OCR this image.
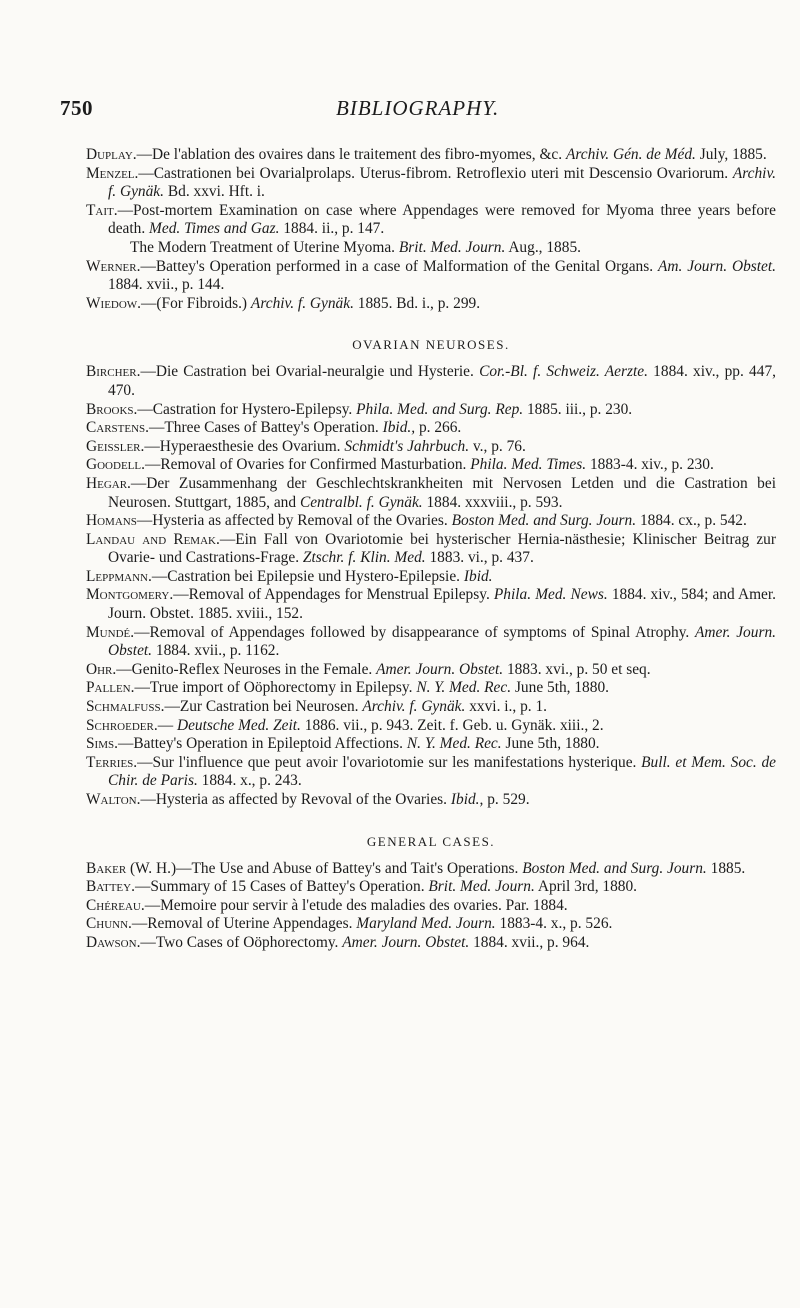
750	BIBLIOGRAPHY.
Duplay.—De l'ablation des ovaires dans le traitement des fibro-myomes, &c. Archiv. Gén. de Méd. July, 1885.
Menzel.—Castrationen bei Ovarialprolaps. Uterus-fibrom. Retroflexio uteri mit Descensio Ovariorum. Archiv. f. Gynäk. Bd. xxvi. Hft. i.
Tait.—Post-mortem Examination on case where Appendages were removed for Myoma three years before death. Med. Times and Gaz. 1884. ii., p. 147.
The Modern Treatment of Uterine Myoma. Brit. Med. Journ. Aug., 1885.
Werner.—Battey's Operation performed in a case of Malformation of the Genital Organs. Am. Journ. Obstet. 1884. xvii., p. 144.
Wiedow.—(For Fibroids.) Archiv. f. Gynäk. 1885. Bd. i., p. 299.
OVARIAN NEUROSES.
Bircher.—Die Castration bei Ovarial-neuralgie und Hysterie. Cor.-Bl. f. Schweiz. Aerzte. 1884. xiv., pp. 447, 470.
Brooks.—Castration for Hystero-Epilepsy. Phila. Med. and Surg. Rep. 1885. iii., p. 230.
Carstens.—Three Cases of Battey's Operation. Ibid., p. 266.
Geissler.—Hyperaesthesie des Ovarium. Schmidt's Jahrbuch. v., p. 76.
Goodell.—Removal of Ovaries for Confirmed Masturbation. Phila. Med. Times. 1883-4. xiv., p. 230.
Hegar.—Der Zusammenhang der Geschlechtskrankheiten mit Nervosen Letden und die Castration bei Neurosen. Stuttgart, 1885, and Centralbl. f. Gynäk. 1884. xxxviii., p. 593.
Homans—Hysteria as affected by Removal of the Ovaries. Boston Med. and Surg. Journ. 1884. cx., p. 542.
Landau and Remak.—Ein Fall von Ovariotomie bei hysterischer Hernia-nästhesie; Klinischer Beitrag zur Ovarie- und Castrations-Frage. Ztschr. f. Klin. Med. 1883. vi., p. 437.
Leppmann.—Castration bei Epilepsie und Hystero-Epilepsie. Ibid.
Montgomery.—Removal of Appendages for Menstrual Epilepsy. Phila. Med. News. 1884. xiv., 584; and Amer. Journ. Obstet. 1885. xviii., 152.
Mundé.—Removal of Appendages followed by disappearance of symptoms of Spinal Atrophy. Amer. Journ. Obstet. 1884. xvii., p. 1162.
Ohr.—Genito-Reflex Neuroses in the Female. Amer. Journ. Obstet. 1883. xvi., p. 50 et seq.
Pallen.—True import of Oöphorectomy in Epilepsy. N. Y. Med. Rec. June 5th, 1880.
Schmalfuss.—Zur Castration bei Neurosen. Archiv. f. Gynäk. xxvi. i., p. 1.
Schroeder.— Deutsche Med. Zeit. 1886. vii., p. 943. Zeit. f. Geb. u. Gynäk. xiii., 2.
Sims.—Battey's Operation in Epileptoid Affections. N. Y. Med. Rec. June 5th, 1880.
Terries.—Sur l'influence que peut avoir l'ovariotomie sur les manifestations hysterique. Bull. et Mem. Soc. de Chir. de Paris. 1884. x., p. 243.
Walton.—Hysteria as affected by Revoval of the Ovaries. Ibid., p. 529.
GENERAL CASES.
Baker (W. H.)—The Use and Abuse of Battey's and Tait's Operations. Boston Med. and Surg. Journ. 1885.
Battey.—Summary of 15 Cases of Battey's Operation. Brit. Med. Journ. April 3rd, 1880.
Chéreau.—Memoire pour servir à l'etude des maladies des ovaries. Par. 1884.
Chunn.—Removal of Uterine Appendages. Maryland Med. Journ. 1883-4. x., p. 526.
Dawson.—Two Cases of Oöphorectomy. Amer. Journ. Obstet. 1884. xvii., p. 964.
